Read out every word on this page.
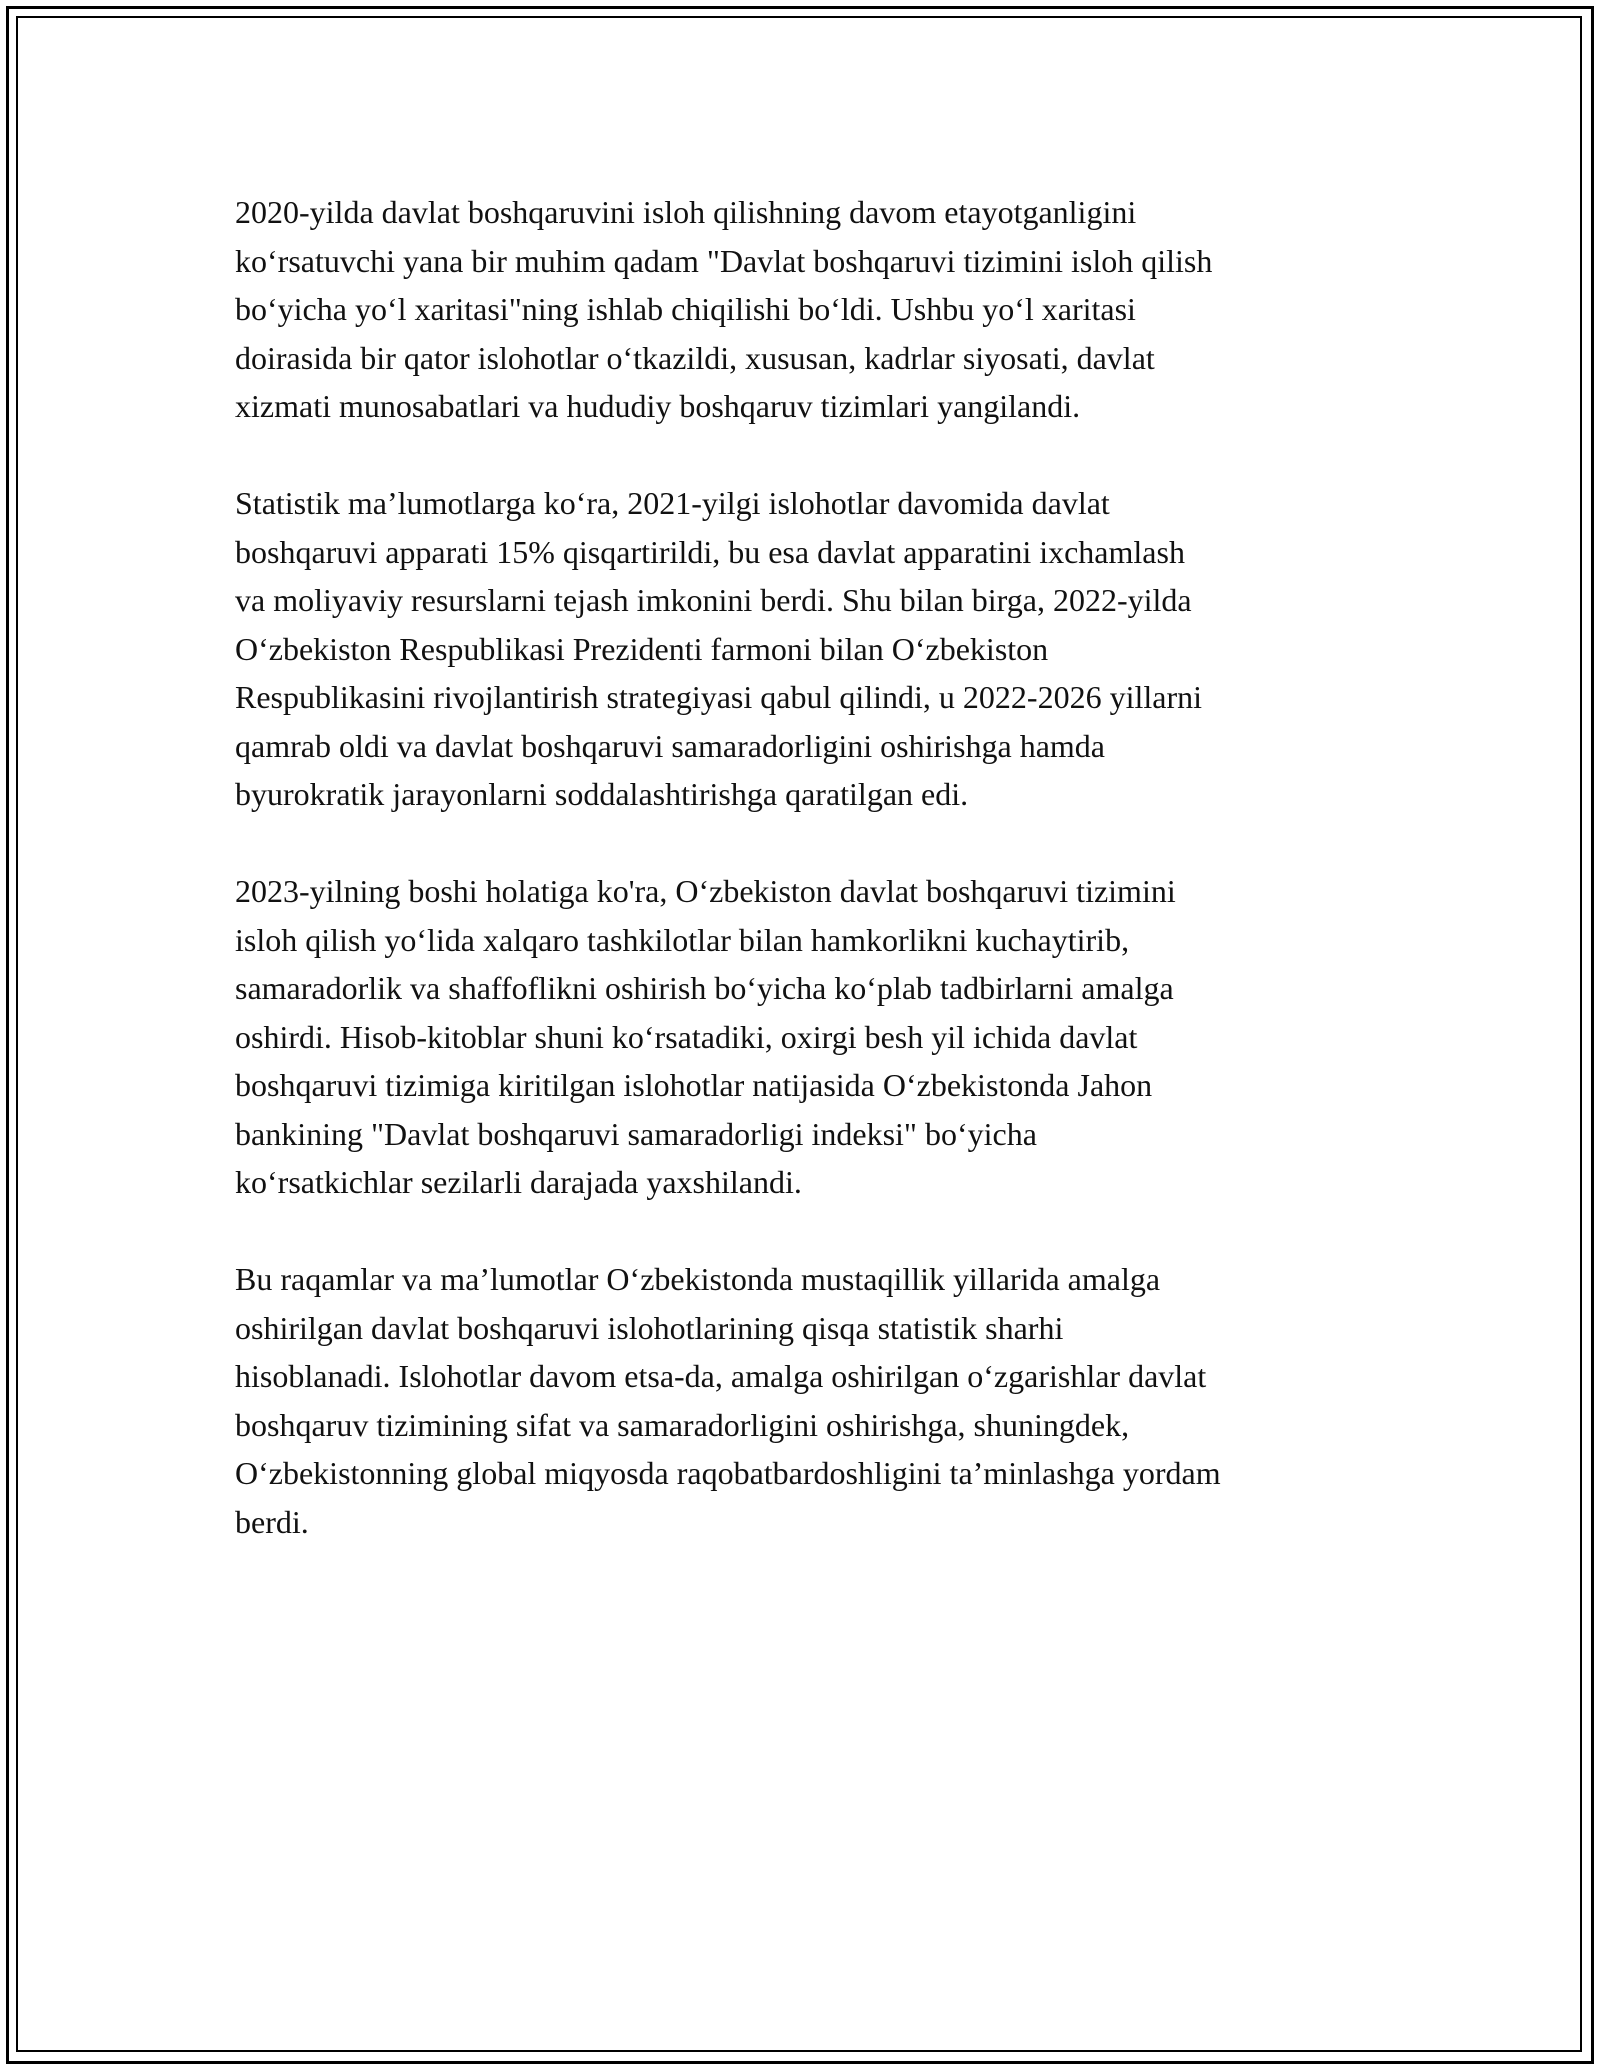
2020-yilda davlat boshqaruvini isloh qilishning davom etayotganligini
ko‘rsatuvchi yana bir muhim qadam "Davlat boshqaruvi tizimini isloh qilish
bo‘yicha yo‘l xaritasi"ning ishlab chiqilishi bo‘ldi. Ushbu yo‘l xaritasi
doirasida bir qator islohotlar o‘tkazildi, xususan, kadrlar siyosati, davlat
xizmati munosabatlari va hududiy boshqaruv tizimlari yangilandi.

Statistik ma’lumotlarga ko‘ra, 2021-yilgi islohotlar davomida davlat
boshqaruvi apparati 15% qisqartirildi, bu esa davlat apparatini ixchamlash
va moliyaviy resurslarni tejash imkonini berdi. Shu bilan birga, 2022-yilda
O‘zbekiston Respublikasi Prezidenti farmoni bilan O‘zbekiston
Respublikasini rivojlantirish strategiyasi qabul qilindi, u 2022-2026 yillarni
qamrab oldi va davlat boshqaruvi samaradorligini oshirishga hamda
byurokratik jarayonlarni soddalashtirishga qaratilgan edi.

2023-yilning boshi holatiga ko'ra, O‘zbekiston davlat boshqaruvi tizimini
isloh qilish yo‘lida xalqaro tashkilotlar bilan hamkorlikni kuchaytirib,
samaradorlik va shaffoflikni oshirish bo‘yicha ko‘plab tadbirlarni amalga
oshirdi. Hisob-kitoblar shuni ko‘rsatadiki, oxirgi besh yil ichida davlat
boshqaruvi tizimiga kiritilgan islohotlar natijasida O‘zbekistonda Jahon
bankining "Davlat boshqaruvi samaradorligi indeksi" bo‘yicha
ko‘rsatkichlar sezilarli darajada yaxshilandi.

Bu raqamlar va ma’lumotlar O‘zbekistonda mustaqillik yillarida amalga
oshirilgan davlat boshqaruvi islohotlarining qisqa statistik sharhi
hisoblanadi. Islohotlar davom etsa-da, amalga oshirilgan o‘zgarishlar davlat
boshqaruv tizimining sifat va samaradorligini oshirishga, shuningdek,
O‘zbekistonning global miqyosda raqobatbardoshligini ta’minlashga yordam
berdi.
